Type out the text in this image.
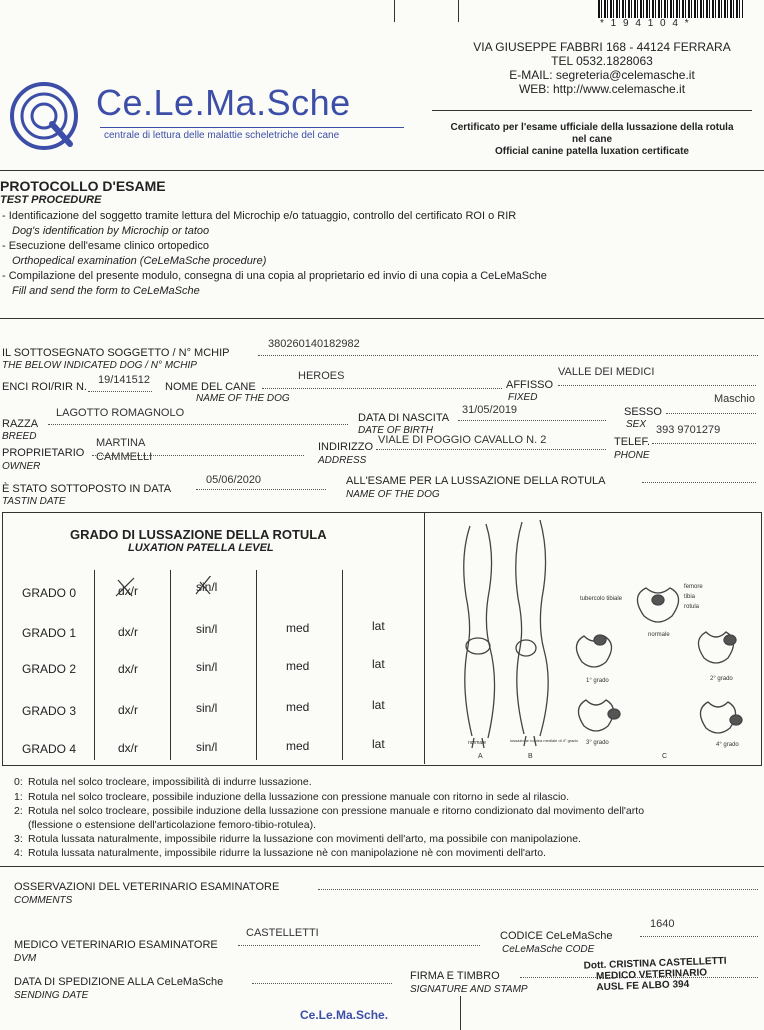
* 1 9 4 1 0 4 *
VIA GIUSEPPE FABBRI 168 - 44124 FERRARA
TEL 0532.1828063
E-MAIL: segreteria@celemasche.it
WEB: http://www.celemasche.it
Ce.Le.Ma.Sche
centrale di lettura delle malattie scheletriche del cane
Certificato per l'esame ufficiale della lussazione della rotula
nel cane
Official canine patella luxation certificate
PROTOCOLLO D'ESAME
TEST PROCEDURE
- Identificazione del soggetto tramite lettura del Microchip e/o tatuaggio, controllo del certificato ROI o RIR
Dog's identification by Microchip or tatoo
- Esecuzione dell'esame clinico ortopedico
Orthopedical examination (CeLeMaSche procedure)
- Compilazione del presente modulo, consegna di una copia al proprietario ed invio di una copia a CeLeMaSche
Fill and send the form to CeLeMaSche
IL SOTTOSEGNATO SOGGETTO / N° MCHIP
THE BELOW INDICATED DOG / N° MCHIP
380260140182982
ENCI ROI/RIR N.
19/141512
NOME DEL CANE
NAME OF THE DOG
HEROES
AFFISSO
FIXED
VALLE DEI MEDICI
RAZZA
BREED
LAGOTTO ROMAGNOLO	DATA DI NASCITA
DATE OF BIRTH
31/05/2019	SESSO
SEX
Maschio
PROPRIETARIO
OWNER
MARTINA
CAMMELLI
INDIRIZZO
ADDRESS
VIALE DI POGGIO CAVALLO N. 2	TELEF.
PHONE
393 9701279
È STATO SOTTOPOSTO IN DATA
TASTIN DATE
05/06/2020	ALL'ESAME PER LA LUSSAZIONE DELLA ROTULA
NAME OF THE DOG
GRADO DI LUSSAZIONE DELLA ROTULA
LUXATION PATELLA LEVEL
GRADO 0	dx/r	sin/l
GRADO 1	dx/r	sin/l	med	lat
GRADO 2	dx/r	sin/l	med	lat
GRADO 3	dx/r	sin/l	med	lat
GRADO 4	dx/r	sin/l	med	lat
femore
tibia
rotula
tubercolo tibiale
normale
1° grado	2° grado
3° grado	4° grado
normale	lussazione rotulea mediale di 4° grado
A	B	C
0: Rotula nel solco trocleare, impossibilità di indurre lussazione.
1: Rotula nel solco trocleare, possibile induzione della lussazione con pressione manuale con ritorno in sede al rilascio.
2: Rotula nel solco trocleare, possibile induzione della lussazione con pressione manuale e ritorno condizionato dal movimento dell'arto
(flessione o estensione dell'articolazione femoro-tibio-rotulea).
3: Rotula lussata naturalmente, impossibile ridurre la lussazione con movimenti dell'arto, ma possibile con manipolazione.
4: Rotula lussata naturalmente, impossibile ridurre la lussazione nè con manipolazione nè con movimenti dell'arto.
OSSERVAZIONI DEL VETERINARIO ESAMINATORE
COMMENTS
MEDICO VETERINARIO ESAMINATORE
DVM
CASTELLETTI	CODICE CeLeMaSche
CeLeMaSche CODE
1640
DATA DI SPEDIZIONE ALLA CeLeMaSche
SENDING DATE
FIRMA E TIMBRO
SIGNATURE AND STAMP
Dott. CRISTINA CASTELLETTI
MEDICO VETERINARIO
AUSL FE ALBO 394
Ce.Le.Ma.Sche.
